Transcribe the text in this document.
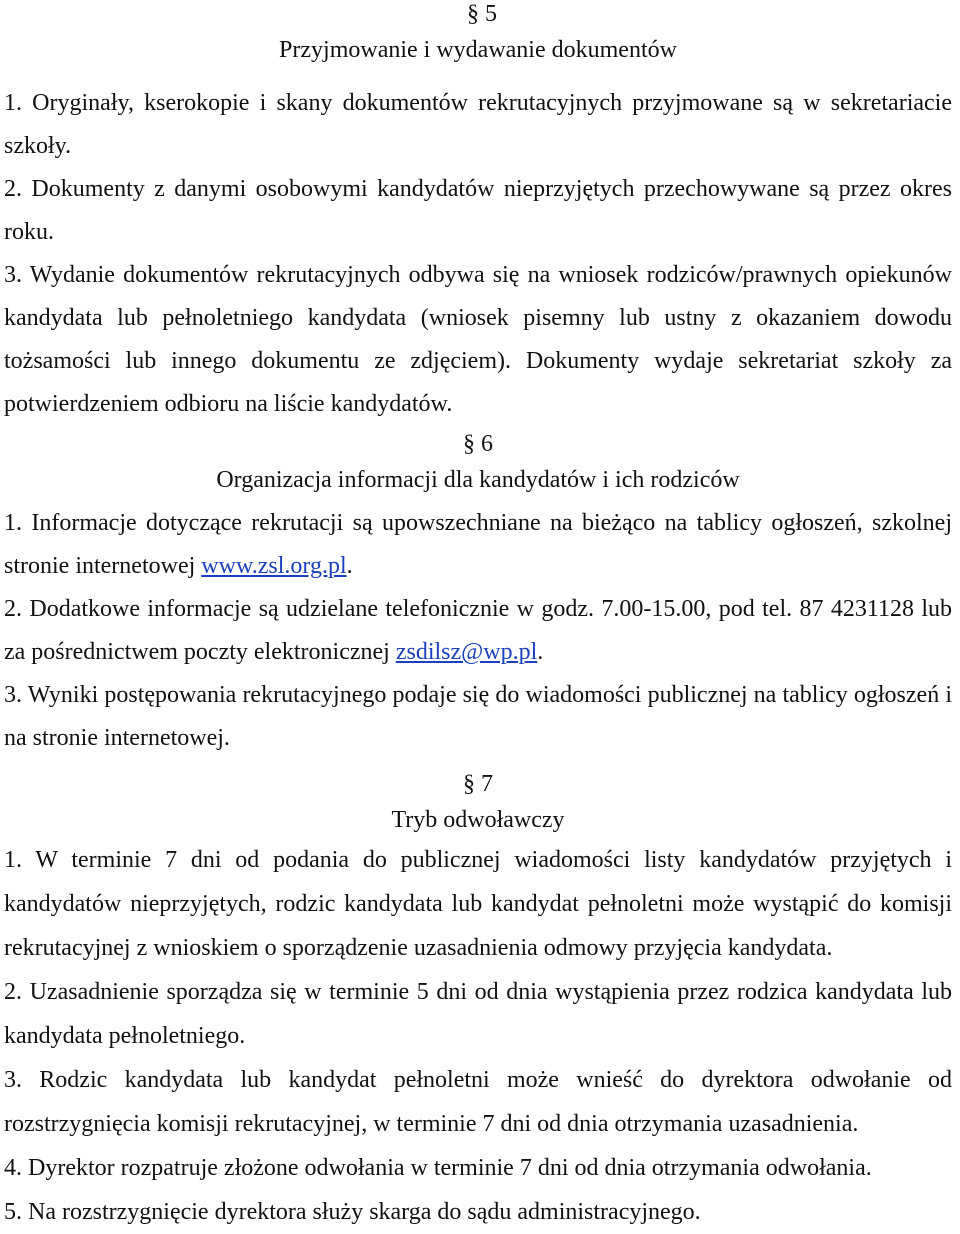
§ 5
Przyjmowanie i wydawanie dokumentów

1. Oryginały, kserokopie i skany dokumentów rekrutacyjnych przyjmowane są w sekretariacie szkoły.

2. Dokumenty z danymi osobowymi kandydatów nieprzyjętych przechowywane są przez okres roku.

3. Wydanie dokumentów rekrutacyjnych odbywa się na wniosek rodziców/prawnych opiekunów kandydata lub pełnoletniego kandydata (wniosek pisemny lub ustny z okazaniem dowodu tożsamości lub innego dokumentu ze zdjęciem). Dokumenty wydaje sekretariat szkoły za potwierdzeniem odbioru na liście kandydatów.

§ 6
Organizacja informacji dla kandydatów i ich rodziców

1. Informacje dotyczące rekrutacji są upowszechniane na bieżąco na tablicy ogłoszeń, szkolnej stronie internetowej www.zsl.org.pl.

2. Dodatkowe informacje są udzielane telefonicznie w godz. 7.00-15.00, pod tel. 87 4231128 lub za pośrednictwem poczty elektronicznej zsdilsz@wp.pl.

3. Wyniki postępowania rekrutacyjnego podaje się do wiadomości publicznej na tablicy ogłoszeń i na stronie internetowej.

§ 7
Tryb odwoławczy

1. W terminie 7 dni od podania do publicznej wiadomości listy kandydatów przyjętych i kandydatów nieprzyjętych, rodzic kandydata lub kandydat pełnoletni może wystąpić do komisji rekrutacyjnej z wnioskiem o sporządzenie uzasadnienia odmowy przyjęcia kandydata.

2. Uzasadnienie sporządza się w terminie 5 dni od dnia wystąpienia przez rodzica kandydata lub kandydata pełnoletniego.

3. Rodzic kandydata lub kandydat pełnoletni może wnieść do dyrektora odwołanie od rozstrzygnięcia komisji rekrutacyjnej, w terminie 7 dni od dnia otrzymania uzasadnienia.

4. Dyrektor rozpatruje złożone odwołania w terminie 7 dni od dnia otrzymania odwołania.

5. Na rozstrzygnięcie dyrektora służy skarga do sądu administracyjnego.
